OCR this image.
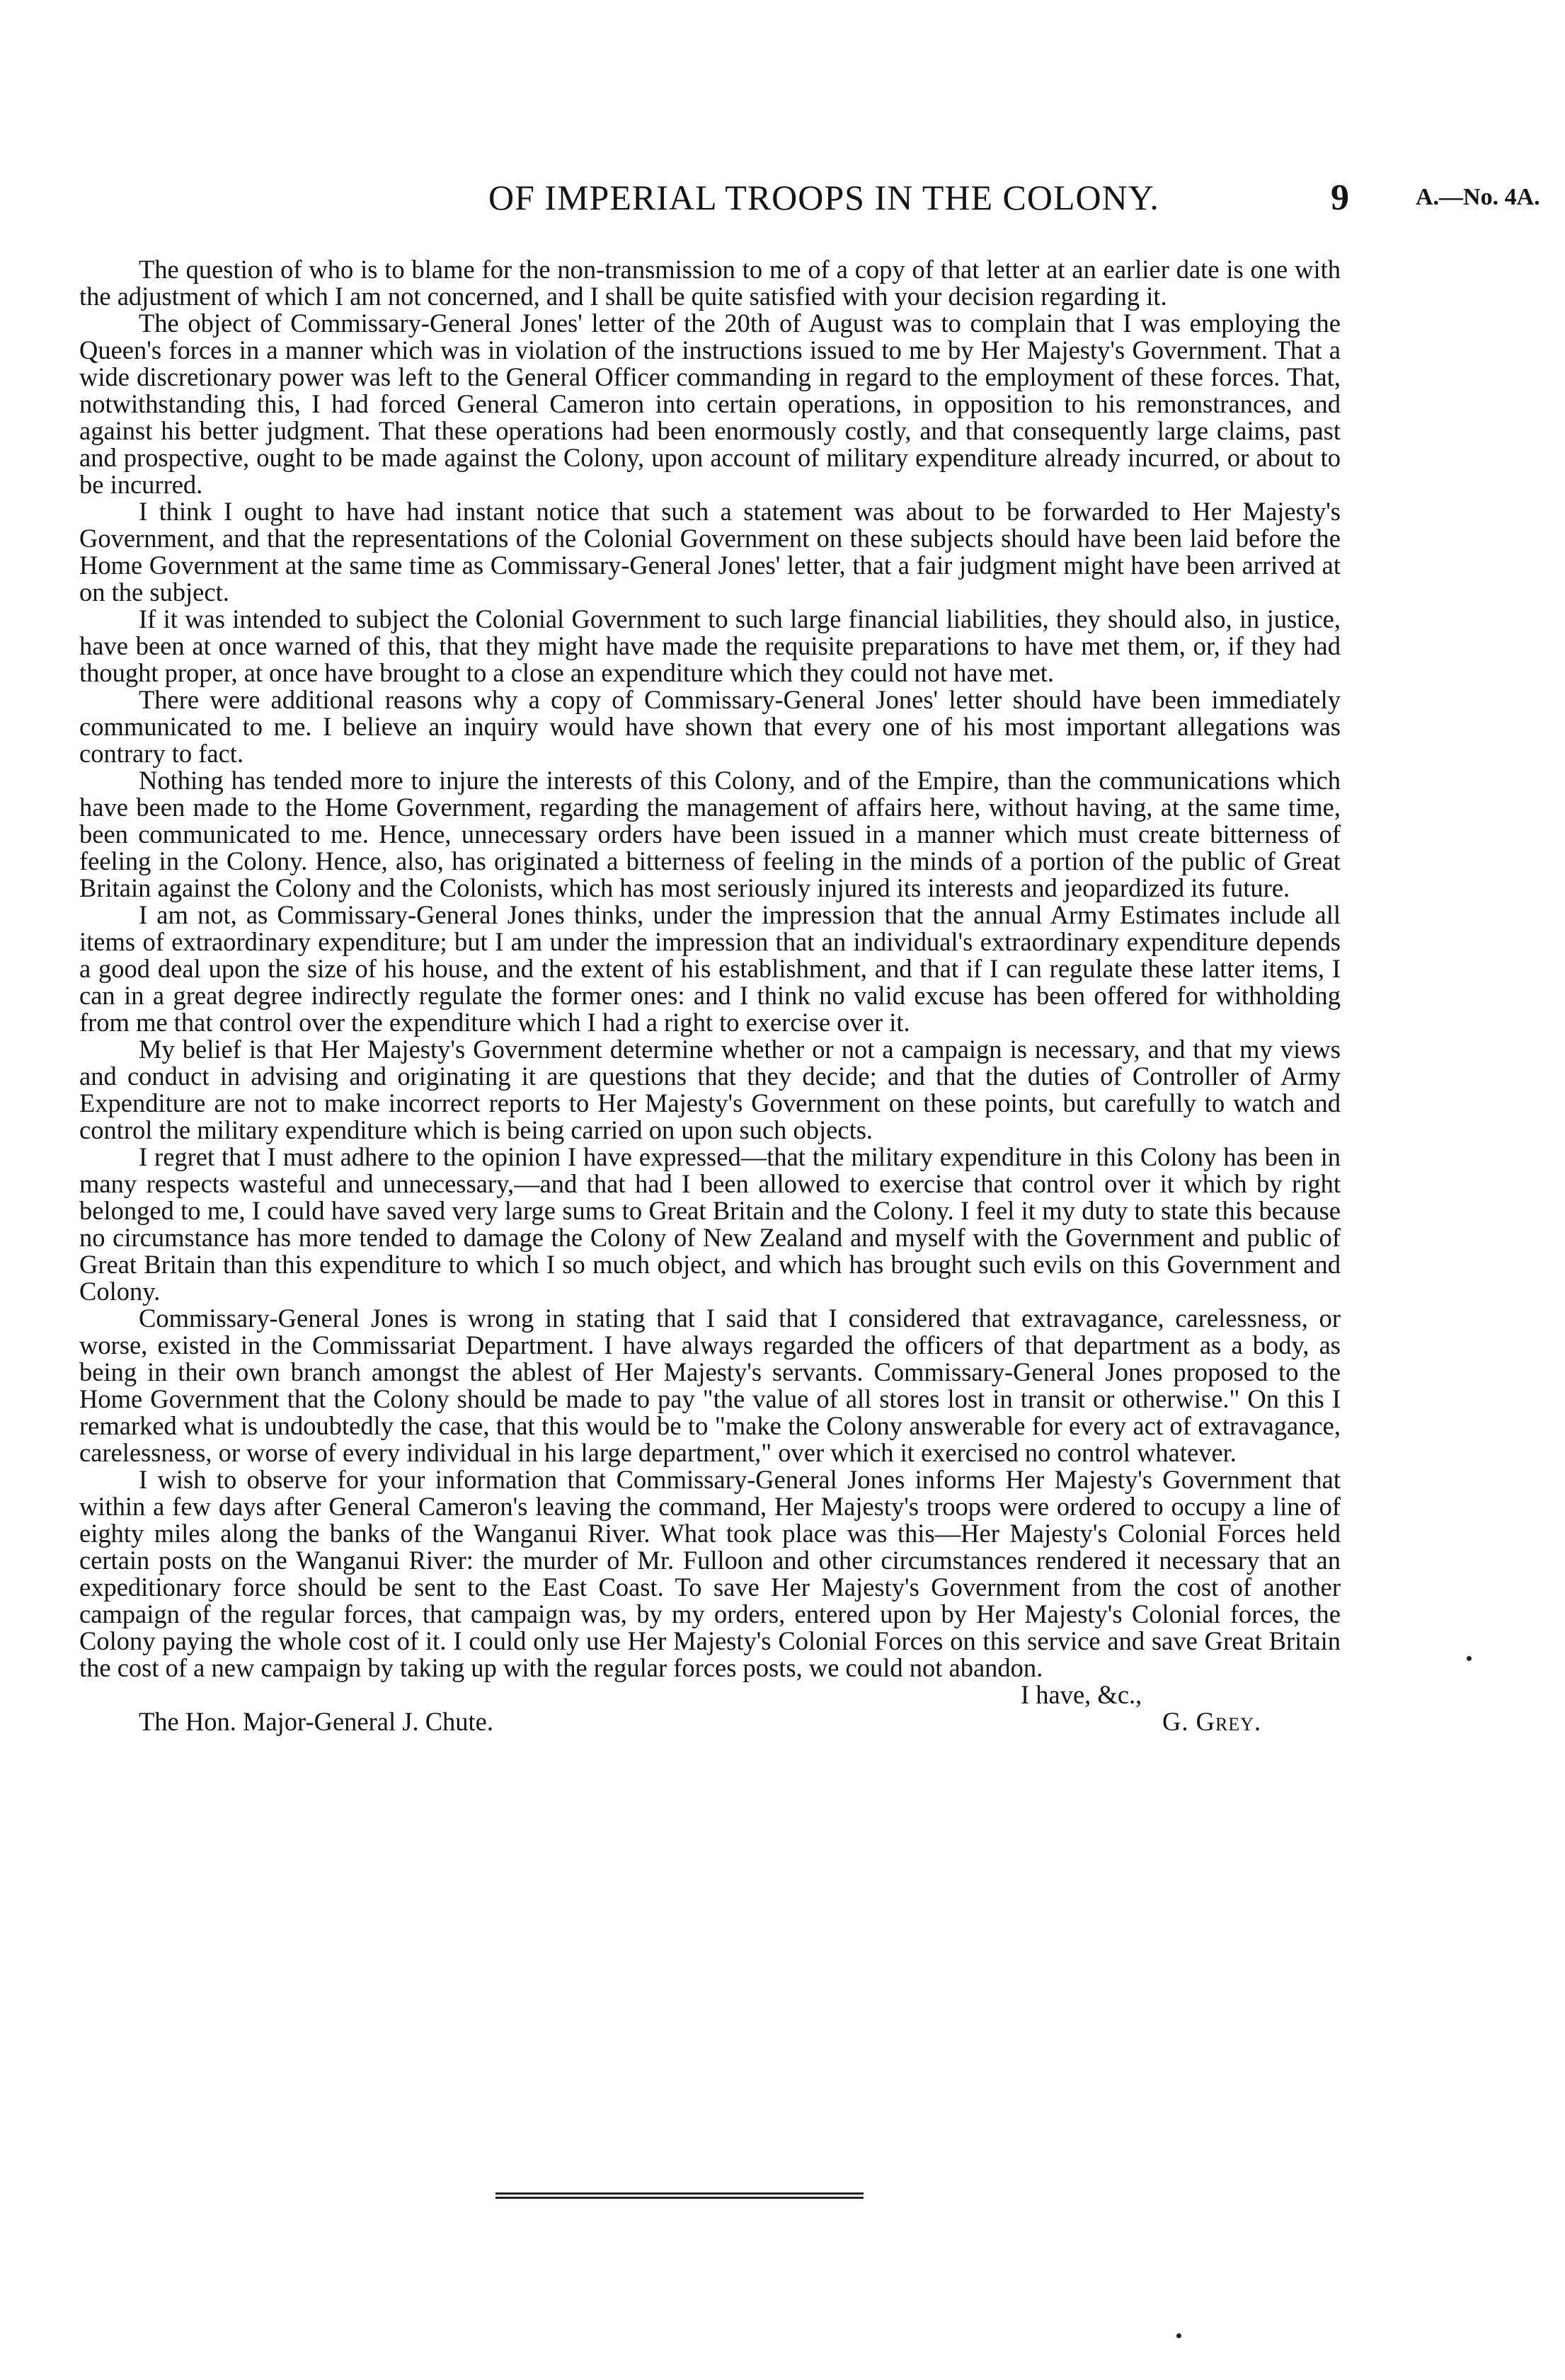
OF IMPERIAL TROOPS IN THE COLONY.	9	A.—No. 4A.

The question of who is to blame for the non-transmission to me of a copy of that letter at an earlier date is one with the adjustment of which I am not concerned, and I shall be quite satisfied with your decision regarding it.

The object of Commissary-General Jones' letter of the 20th of August was to complain that I was employing the Queen's forces in a manner which was in violation of the instructions issued to me by Her Majesty's Government. That a wide discretionary power was left to the General Officer commanding in regard to the employment of these forces. That, notwithstanding this, I had forced General Cameron into certain operations, in opposition to his remonstrances, and against his better judgment. That these operations had been enormously costly, and that consequently large claims, past and prospective, ought to be made against the Colony, upon account of military expenditure already incurred, or about to be incurred.

I think I ought to have had instant notice that such a statement was about to be forwarded to Her Majesty's Government, and that the representations of the Colonial Government on these subjects should have been laid before the Home Government at the same time as Commissary-General Jones' letter, that a fair judgment might have been arrived at on the subject.

If it was intended to subject the Colonial Government to such large financial liabilities, they should also, in justice, have been at once warned of this, that they might have made the requisite preparations to have met them, or, if they had thought proper, at once have brought to a close an expenditure which they could not have met.

There were additional reasons why a copy of Commissary-General Jones' letter should have been immediately communicated to me. I believe an inquiry would have shown that every one of his most important allegations was contrary to fact.

Nothing has tended more to injure the interests of this Colony, and of the Empire, than the communications which have been made to the Home Government, regarding the management of affairs here, without having, at the same time, been communicated to me. Hence, unnecessary orders have been issued in a manner which must create bitterness of feeling in the Colony. Hence, also, has originated a bitterness of feeling in the minds of a portion of the public of Great Britain against the Colony and the Colonists, which has most seriously injured its interests and jeopardized its future.

I am not, as Commissary-General Jones thinks, under the impression that the annual Army Estimates include all items of extraordinary expenditure; but I am under the impression that an individual's extraordinary expenditure depends a good deal upon the size of his house, and the extent of his establishment, and that if I can regulate these latter items, I can in a great degree indirectly regulate the former ones: and I think no valid excuse has been offered for withholding from me that control over the expenditure which I had a right to exercise over it.

My belief is that Her Majesty's Government determine whether or not a campaign is necessary, and that my views and conduct in advising and originating it are questions that they decide; and that the duties of Controller of Army Expenditure are not to make incorrect reports to Her Majesty's Government on these points, but carefully to watch and control the military expenditure which is being carried on upon such objects.

I regret that I must adhere to the opinion I have expressed—that the military expenditure in this Colony has been in many respects wasteful and unnecessary,—and that had I been allowed to exercise that control over it which by right belonged to me, I could have saved very large sums to Great Britain and the Colony. I feel it my duty to state this because no circumstance has more tended to damage the Colony of New Zealand and myself with the Government and public of Great Britain than this expenditure to which I so much object, and which has brought such evils on this Government and Colony.

Commissary-General Jones is wrong in stating that I said that I considered that extravagance, carelessness, or worse, existed in the Commissariat Department. I have always regarded the officers of that department as a body, as being in their own branch amongst the ablest of Her Majesty's servants. Commissary-General Jones proposed to the Home Government that the Colony should be made to pay "the value of all stores lost in transit or otherwise." On this I remarked what is undoubtedly the case, that this would be to "make the Colony answerable for every act of extravagance, carelessness, or worse of every individual in his large department," over which it exercised no control whatever.

I wish to observe for your information that Commissary-General Jones informs Her Majesty's Government that within a few days after General Cameron's leaving the command, Her Majesty's troops were ordered to occupy a line of eighty miles along the banks of the Wanganui River. What took place was this—Her Majesty's Colonial Forces held certain posts on the Wanganui River: the murder of Mr. Fulloon and other circumstances rendered it necessary that an expeditionary force should be sent to the East Coast. To save Her Majesty's Government from the cost of another campaign of the regular forces, that campaign was, by my orders, entered upon by Her Majesty's Colonial forces, the Colony paying the whole cost of it. I could only use Her Majesty's Colonial Forces on this service and save Great Britain the cost of a new campaign by taking up with the regular forces posts, we could not abandon.

I have, &c.,
The Hon. Major-General J. Chute.	G. Grey.
